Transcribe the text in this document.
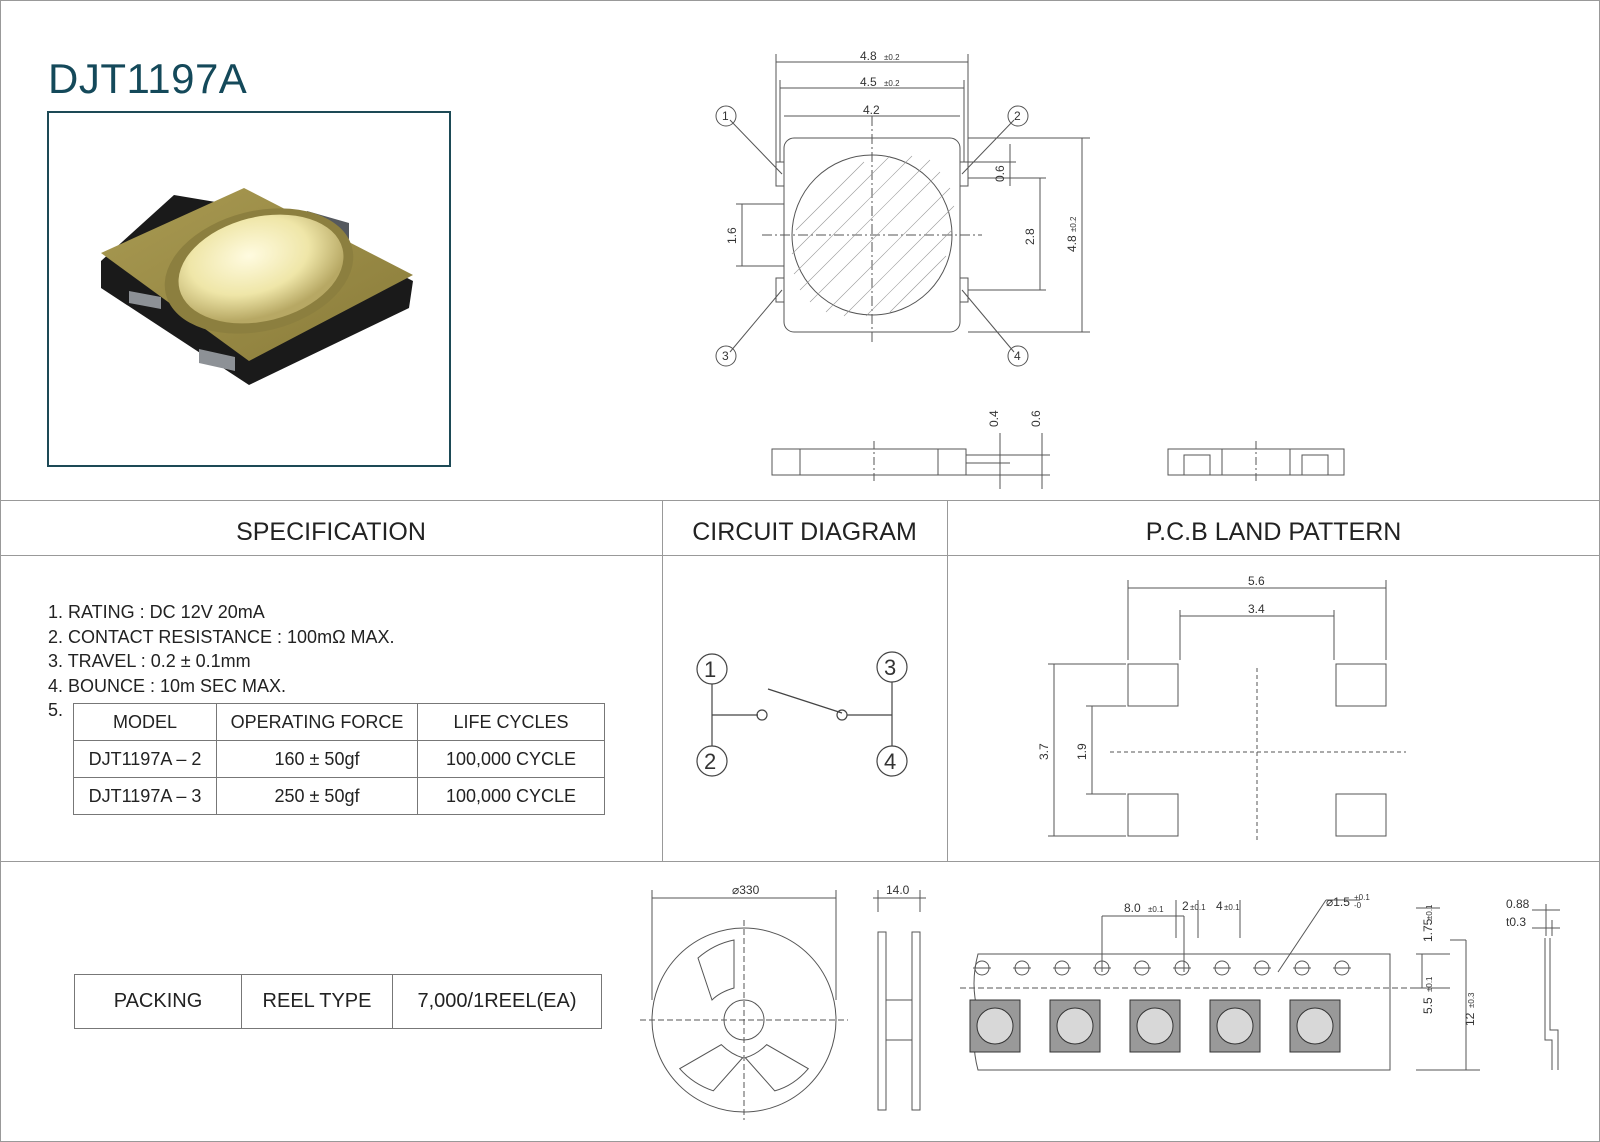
DJT1197A	4.8 ±0.2
4.5 ±0.2
4.2
0.6
2.8 4.8
±0.2
1.6
1	2
3	4
0.4 0.6
SPECIFICATION	CIRCUIT DIAGRAM	P.C.B LAND PATTERN
1. RATING : DC 12V 20mA
2. CONTACT RESISTANCE : 100mΩ MAX.
3. TRAVEL : 0.2 ± 0.1mm
4. BOUNCE : 10m SEC MAX.
5.
MODEL	OPERATING FORCE	LIFE CYCLES
DJT1197A – 2	160 ± 50gf	100,000 CYCLE
DJT1197A – 3	250 ± 50gf	100,000 CYCLE
1	3
2	4
5.6
3.4
3.7 1.9
PACKING	REEL TYPE	7,000/1REEL(EA)
⌀330	14.0
8.0 ±0.1 2 ±0.1 4 ±0.1	⌀1.5 +0.1
-0
1.75
±0.1
5.5
±0.1
12
±0.3
0.88
t0.3
